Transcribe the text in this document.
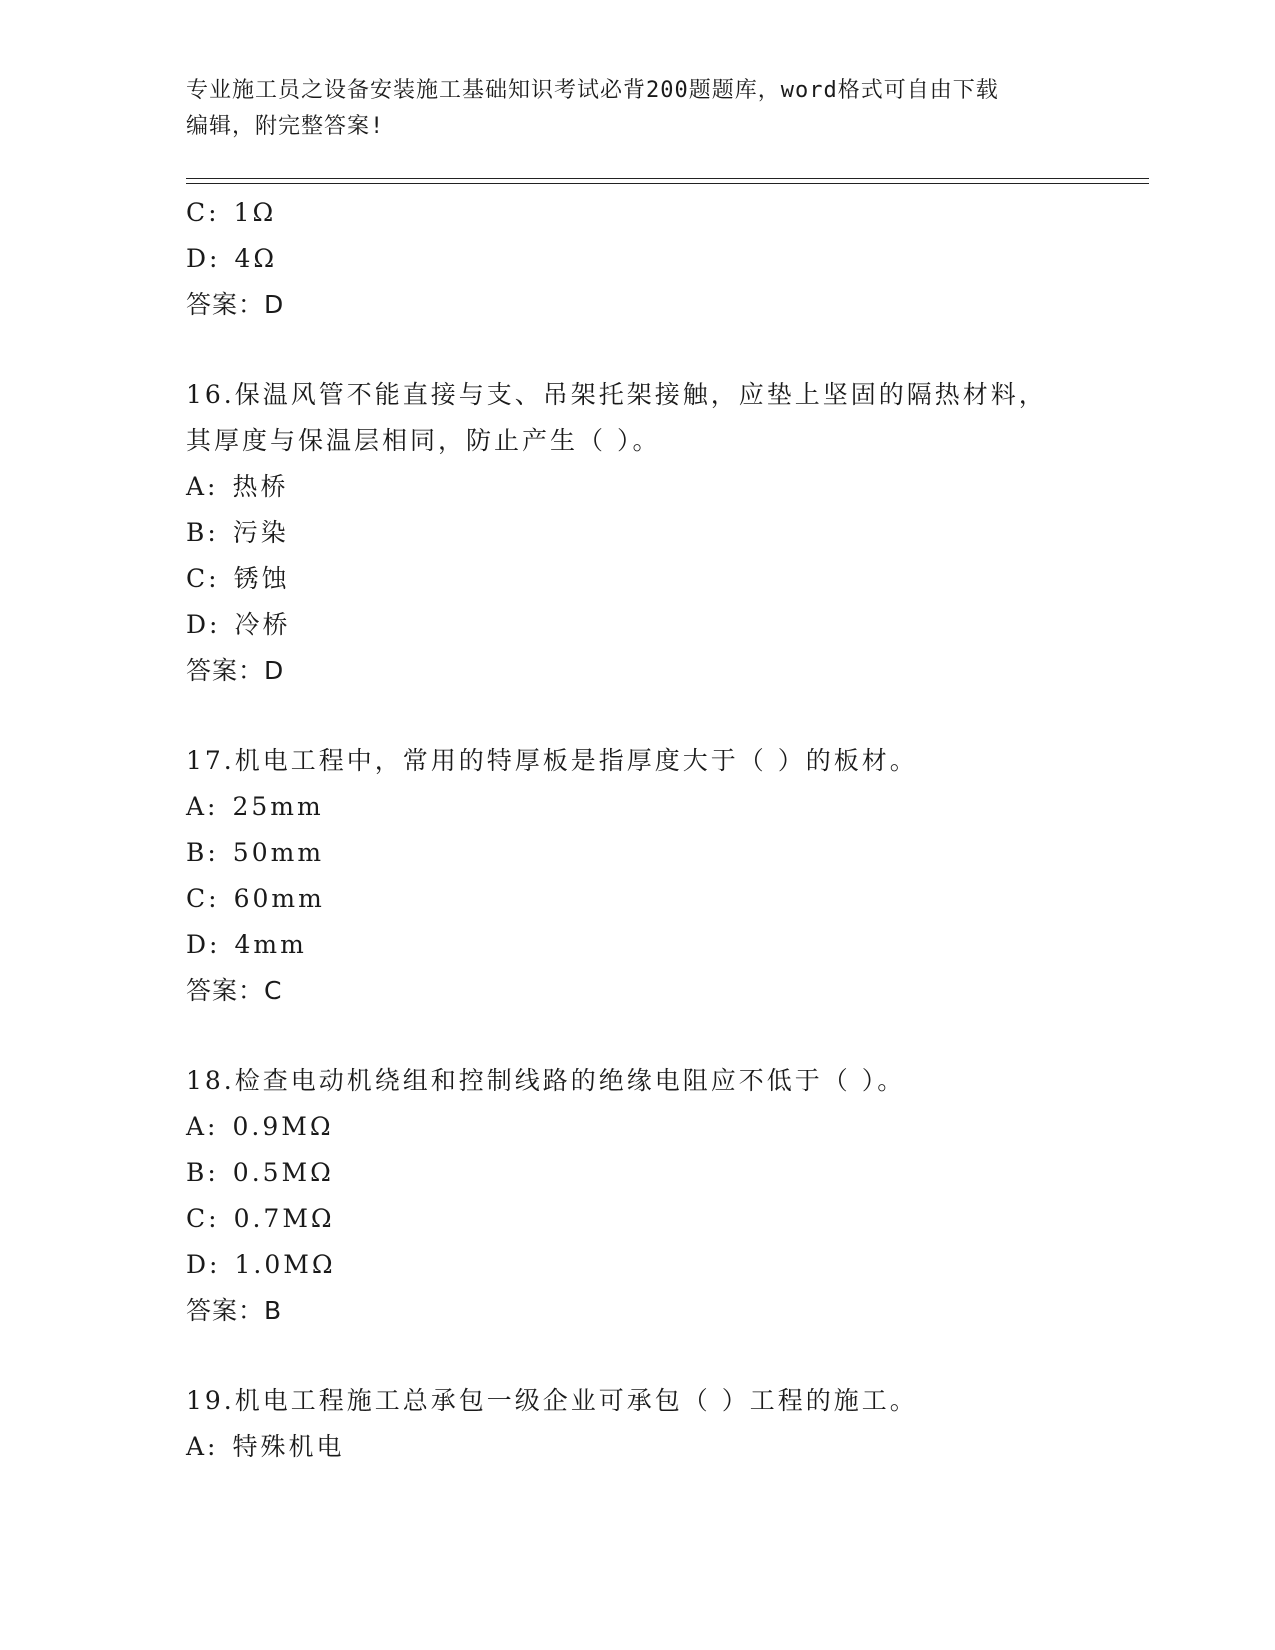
专业施工员之设备安装施工基础知识考试必背200题题库，word格式可自由下载
编辑，附完整答案!
C: 1Ω
D: 4Ω
答案：D
16.保温风管不能直接与支、吊架托架接触，应垫上坚固的隔热材料，
其厚度与保温层相同，防止产生（ ）。
A: 热桥
B: 污染
C: 锈蚀
D: 冷桥
答案：D
17.机电工程中，常用的特厚板是指厚度大于（ ）的板材。
A: 25mm
B: 50mm
C: 60mm
D: 4mm
答案：C
18.检查电动机绕组和控制线路的绝缘电阻应不低于（ ）。
A: 0.9MΩ
B: 0.5MΩ
C: 0.7MΩ
D: 1.0MΩ
答案：B
19.机电工程施工总承包一级企业可承包（ ）工程的施工。
A: 特殊机电
